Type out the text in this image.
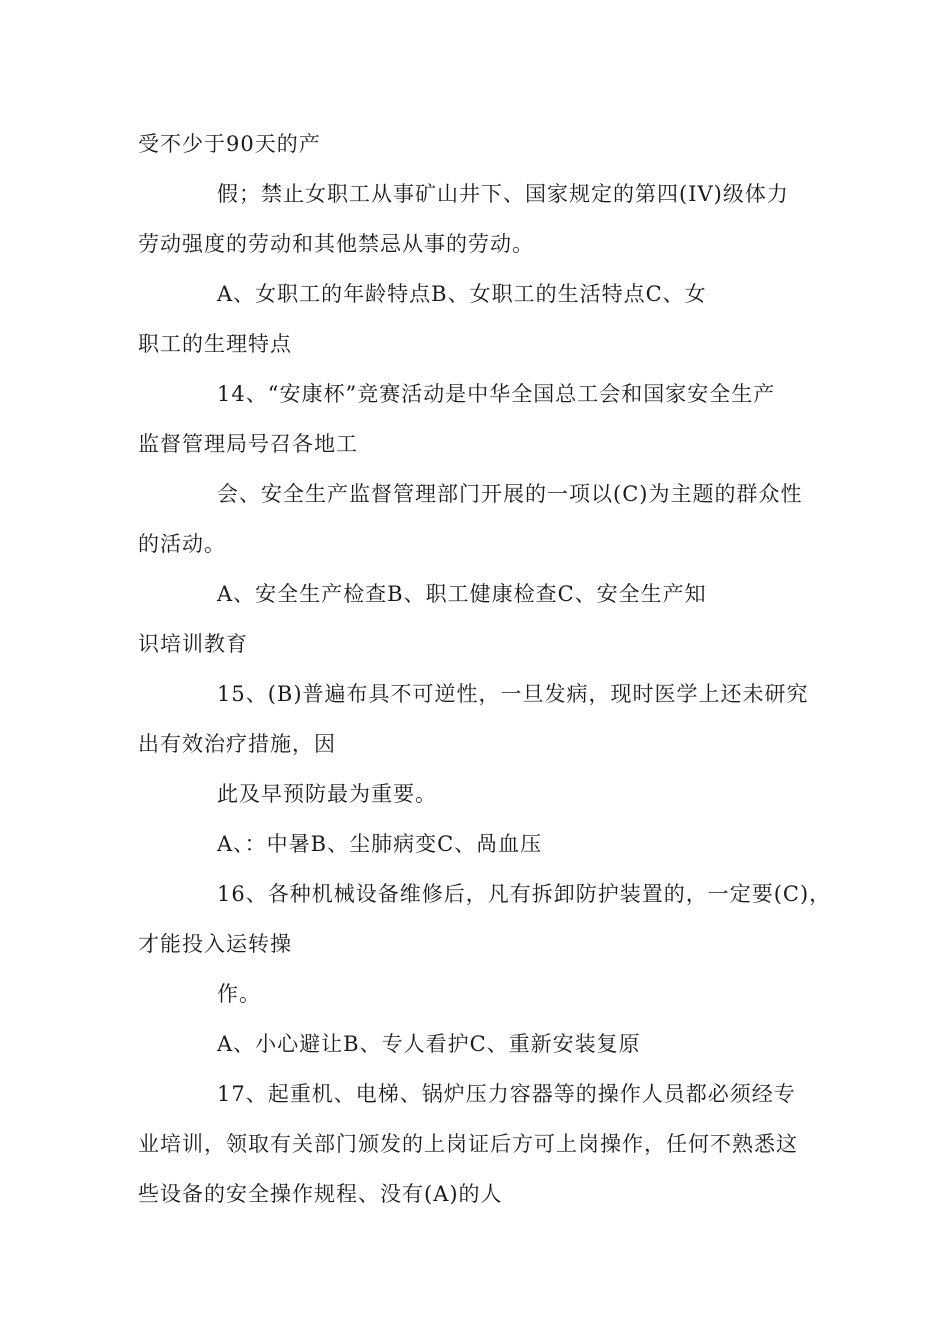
受不少于90天的产
假；禁止女职工从事矿山井下、国家规定的第四(IV)级体力
劳动强度的劳动和其他禁忌从事的劳动。
A、女职工的年龄特点B、女职工的生活特点C、女
职工的生理特点
14、“安康杯”竞赛活动是中华全国总工会和国家安全生产
监督管理局号召各地工
会、安全生产监督管理部门开展的一项以(C)为主题的群众性
的活动。
A、安全生产检查B、职工健康检查C、安全生产知
识培训教育
15、(B)普遍布具不可逆性，一旦发病，现时医学上还未研究
出有效治疗措施，因
此及早预防最为重要。
A、：中暑B、尘肺病变C、咼血压
16、各种机械设备维修后，凡有拆卸防护装置的，一定要(C)，
才能投入运转操
作。
A、小心避让B、专人看护C、重新安装复原
17、起重机、电梯、锅炉压力容器等的操作人员都必须经专
业培训，领取有关部门颁发的上岗证后方可上岗操作，任何不熟悉这
些设备的安全操作规程、没有(A)的人
